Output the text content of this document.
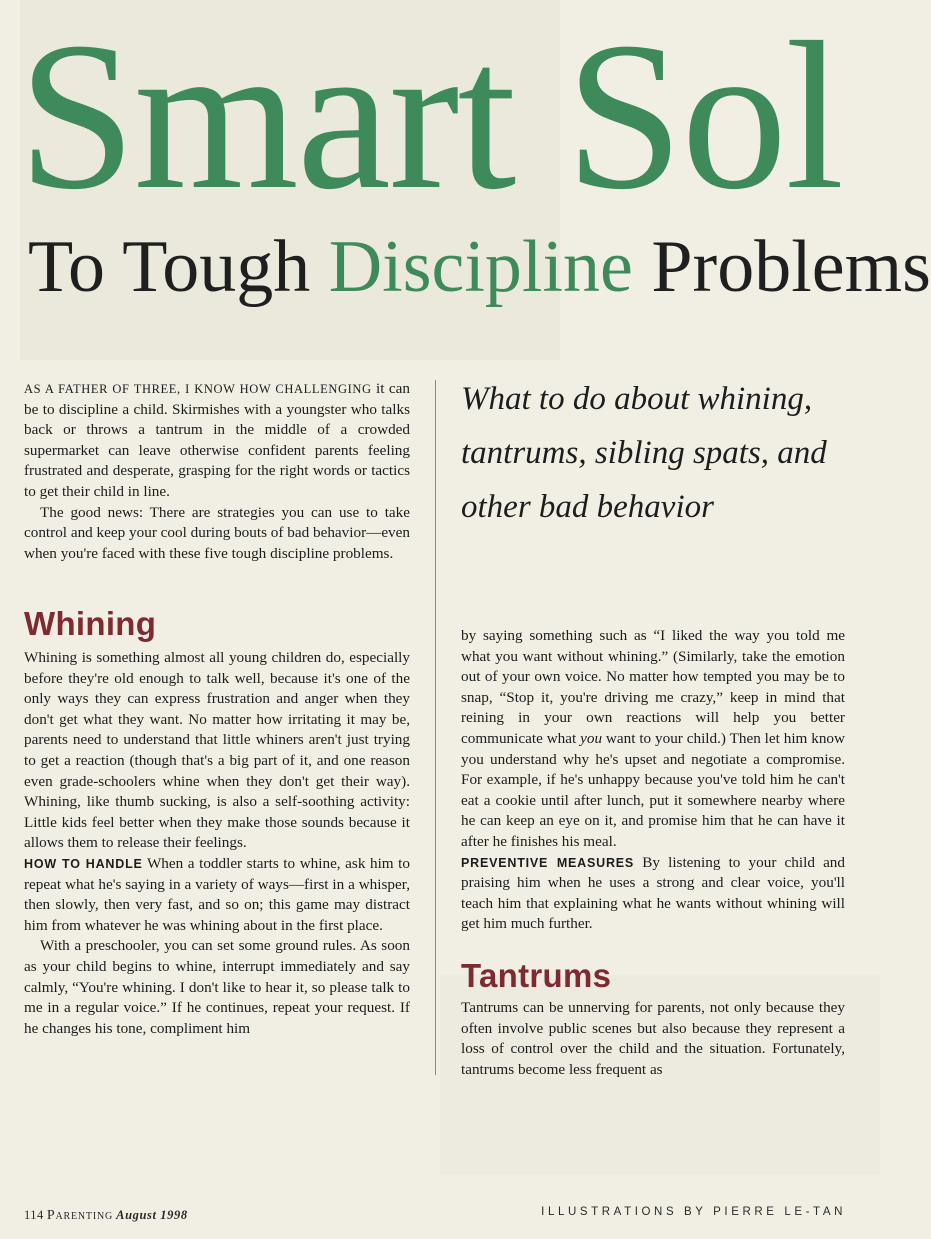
Smart Sol
To Tough Discipline Problems

AS A FATHER OF THREE, I KNOW HOW CHALLENGING it can be to discipline a child. Skirmishes with a youngster who talks back or throws a tantrum in the middle of a crowded supermarket can leave otherwise confident parents feeling frustrated and desperate, grasping for the right words or tactics to get their child in line.

The good news: There are strategies you can use to take control and keep your cool during bouts of bad behavior—even when you're faced with these five tough discipline problems.

Whining

Whining is something almost all young children do, especially before they're old enough to talk well, because it's one of the only ways they can express frustration and anger when they don't get what they want. No matter how irritating it may be, parents need to understand that little whiners aren't just trying to get a reaction (though that's a big part of it, and one reason even grade-schoolers whine when they don't get their way). Whining, like thumb sucking, is also a self-soothing activity: Little kids feel better when they make those sounds because it allows them to release their feelings.

HOW TO HANDLE When a toddler starts to whine, ask him to repeat what he's saying in a variety of ways—first in a whisper, then slowly, then very fast, and so on; this game may distract him from whatever he was whining about in the first place.

With a preschooler, you can set some ground rules. As soon as your child begins to whine, interrupt immediately and say calmly, “You're whining. I don't like to hear it, so please talk to me in a regular voice.” If he continues, repeat your request. If he changes his tone, compliment him

What to do about whining, tantrums, sibling spats, and other bad behavior

by saying something such as “I liked the way you told me what you want without whining.” (Similarly, take the emotion out of your own voice. No matter how tempted you may be to snap, “Stop it, you're driving me crazy,” keep in mind that reining in your own reactions will help you better communicate what you want to your child.) Then let him know you understand why he's upset and negotiate a compromise. For example, if he's unhappy because you've told him he can't eat a cookie until after lunch, put it somewhere nearby where he can keep an eye on it, and promise him that he can have it after he finishes his meal.

PREVENTIVE MEASURES By listening to your child and praising him when he uses a strong and clear voice, you'll teach him that explaining what he wants without whining will get him much further.

Tantrums

Tantrums can be unnerving for parents, not only because they often involve public scenes but also because they represent a loss of control over the child and the situation. Fortunately, tantrums become less frequent as

114 Parenting August 1998	ILLUSTRATIONS BY PIERRE LE-TAN
